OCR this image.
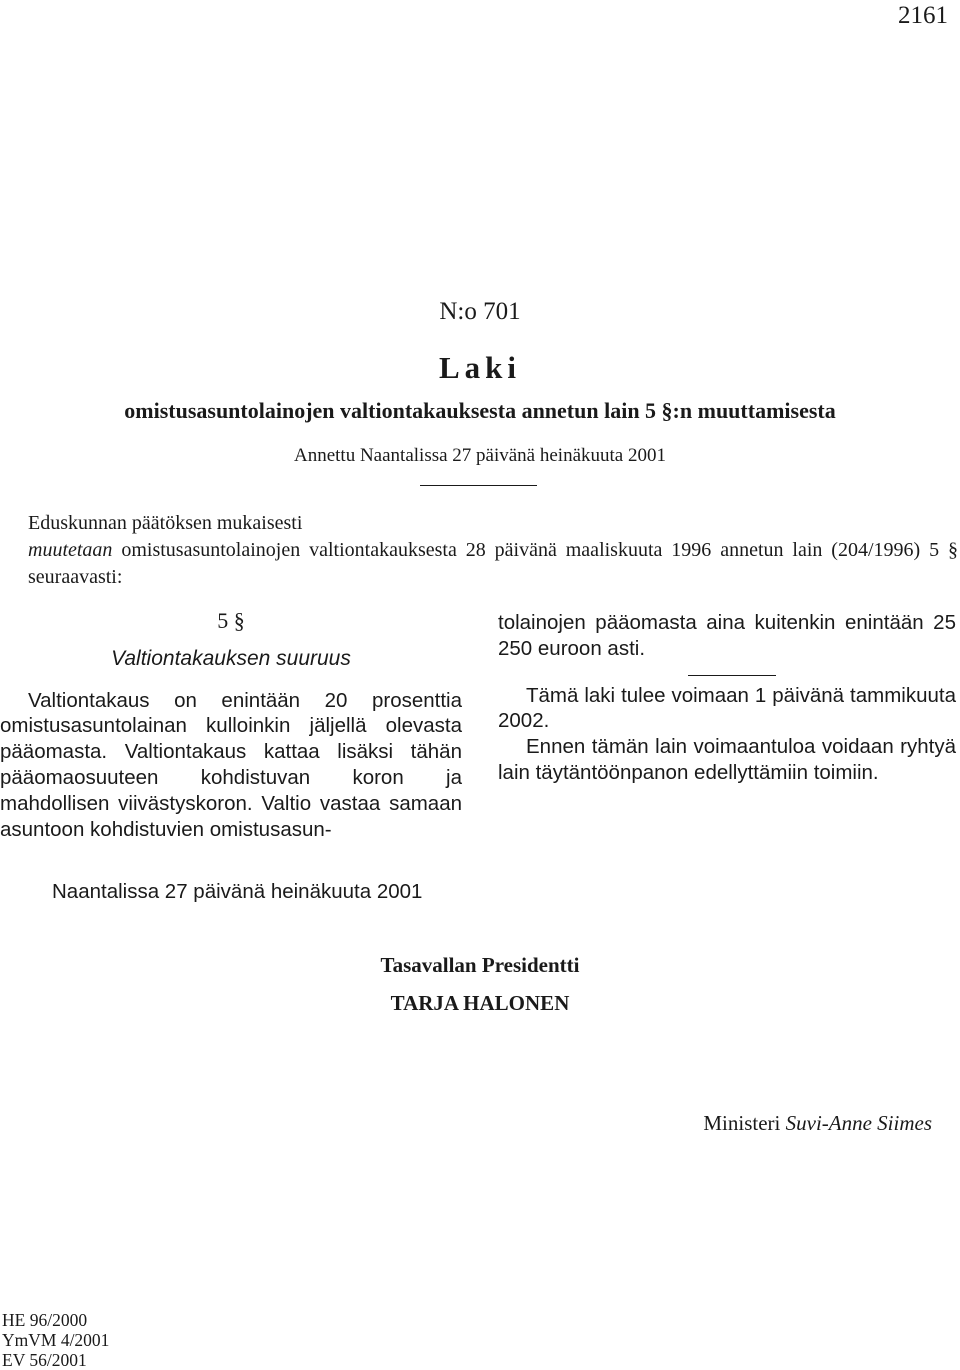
2161
N:o 701
Laki
omistusasuntolainojen valtiontakauksesta annetun lain 5 §:n muuttamisesta
Annettu Naantalissa 27 päivänä heinäkuuta 2001

Eduskunnan päätöksen mukaisesti

muutetaan omistusasuntolainojen valtiontakauksesta 28 päivänä maaliskuuta 1996 annetun lain (204/1996) 5 § seuraavasti:

5 §
Valtiontakauksen suuruus

Valtiontakaus on enintään 20 prosenttia omistusasuntolainan kulloinkin jäljellä olevasta pääomasta. Valtiontakaus kattaa lisäksi tähän pääomaosuuteen kohdistuvan koron ja mahdollisen viivästyskoron. Valtio vastaa samaan asuntoon kohdistuvien omistusasun-

tolainojen pääomasta aina kuitenkin enintään 25 250 euroon asti.

Tämä laki tulee voimaan 1 päivänä tammikuuta 2002.

Ennen tämän lain voimaantuloa voidaan ryhtyä lain täytäntöönpanon edellyttämiin toimiin.

Naantalissa 27 päivänä heinäkuuta 2001
Tasavallan Presidentti
TARJA HALONEN
Ministeri Suvi-Anne Siimes
HE 96/2000
YmVM 4/2001
EV 56/2001
